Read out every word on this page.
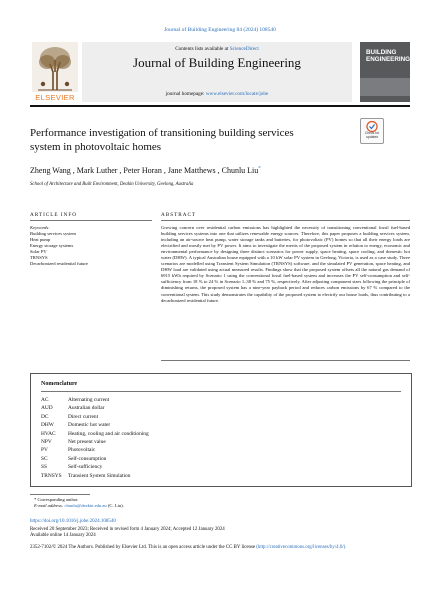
Journal of Building Engineering 84 (2024) 108540
ELSEVIER
Contents lists available at ScienceDirect
Journal of Building Engineering
journal homepage: www.elsevier.com/locate/jobe
BUILDING
ENGINEERING
Performance investigation of transitioning building services
system in photovoltaic homes
Check for
updates
Zheng Wang , Mark Luther , Peter Horan , Jane Matthews , Chunlu Liu*
School of Architecture and Built Environment, Deakin University, Geelong, Australia
ARTICLE INFO	ABSTRACT
Keywords:
Building services system
Heat pump
Energy storage systems
Solar PV
TRNSYS
Decarbonized residential future
Growing concern over residential carbon emissions has highlighted the necessity of transitioning conventional fossil fuel-based building services systems into one that utilizes renewable energy sources. Therefore, this paper proposes a building services system, including an air-source heat pump, water storage tanks and batteries, for photovoltaic (PV) homes so that all their energy loads are electrified and mostly met by PV power. It aims to investigate the merits of the proposed system in relation to energy, economic and environmental performance by designing three distinct scenarios for power supply, space heating, space cooling, and domestic hot water (DHW). A typical Australian house equipped with a 10 kW solar PV system in Geelong, Victoria, is used as a case study. Three scenarios are modelled using Transient System Simulation (TRNSYS) software, and the simulated PV generation, space heating, and DHW load are validated using actual measured results. Findings show that the proposed system offsets all the natural gas demand of 6915 kWh required by Scenario 1 using the conventional fossil fuel-based system and increases the PV self-consumption and self-sufficiency from 18 % to 24 % in Scenario 1–38 % and 75 %, respectively. After adjusting component sizes following the principle of diminishing returns, the proposed system has a nine-year payback period and reduces carbon emissions by 67 % compared to the conventional system. This study demonstrates the capability of the proposed system to electrify our house loads, thus contributing to a decarbonized residential future.
Nomenclature
AC	Alternating current
AUD	Australian dollar
DC	Direct current
DHW	Domestic hot water
HVAC	Heating, cooling and air conditioning
NPV	Net present value
PV	Photovoltaic
SC	Self-consumption
SS	Self-sufficiency
TRNSYS	Transient System Simulation
* Corresponding author.
E-mail address: chunlu@deakin.edu.au (C. Liu).
https://doi.org/10.1016/j.jobe.2024.108540
Received 20 September 2023; Received in revised form 4 January 2024; Accepted 12 January 2024
Available online 14 January 2024
2352-7102/© 2024 The Authors. Published by Elsevier Ltd. This is an open access article under the CC BY license (http://creativecommons.org/licenses/by/4.0/).
